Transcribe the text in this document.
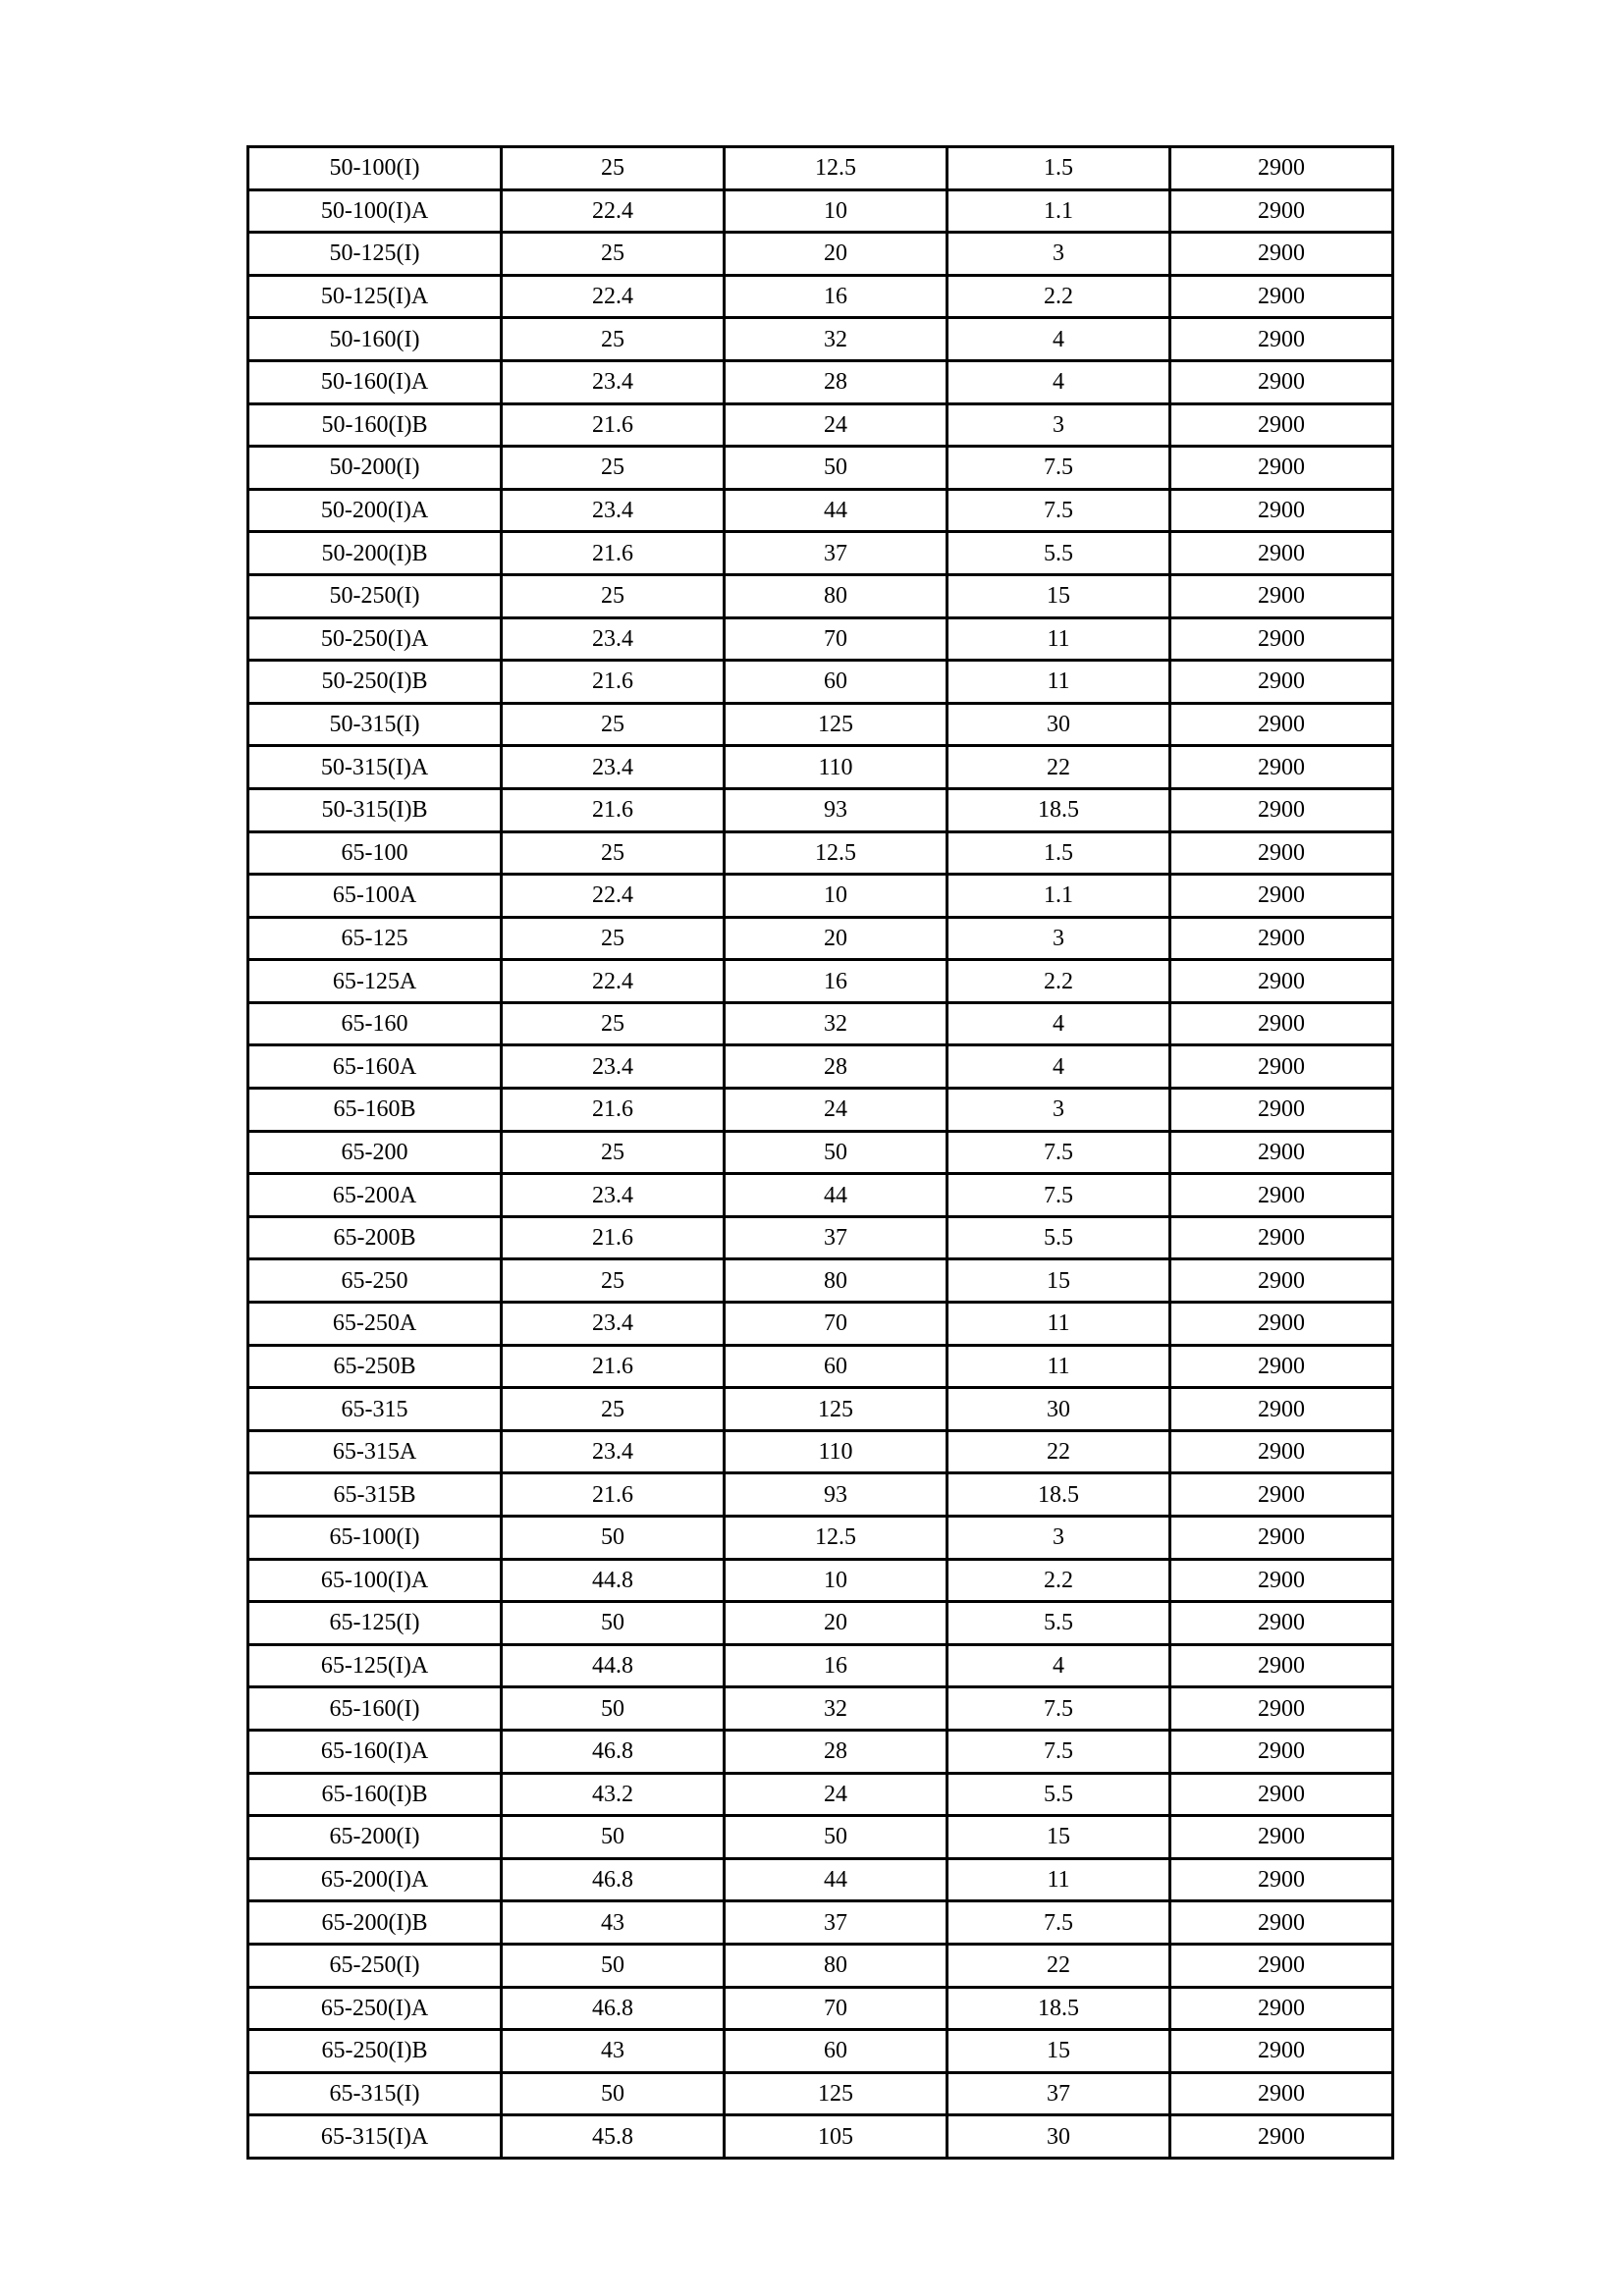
50-100(I)	25	12.5	1.5	2900
50-100(I)A	22.4	10	1.1	2900
50-125(I)	25	20	3	2900
50-125(I)A	22.4	16	2.2	2900
50-160(I)	25	32	4	2900
50-160(I)A	23.4	28	4	2900
50-160(I)B	21.6	24	3	2900
50-200(I)	25	50	7.5	2900
50-200(I)A	23.4	44	7.5	2900
50-200(I)B	21.6	37	5.5	2900
50-250(I)	25	80	15	2900
50-250(I)A	23.4	70	11	2900
50-250(I)B	21.6	60	11	2900
50-315(I)	25	125	30	2900
50-315(I)A	23.4	110	22	2900
50-315(I)B	21.6	93	18.5	2900
65-100	25	12.5	1.5	2900
65-100A	22.4	10	1.1	2900
65-125	25	20	3	2900
65-125A	22.4	16	2.2	2900
65-160	25	32	4	2900
65-160A	23.4	28	4	2900
65-160B	21.6	24	3	2900
65-200	25	50	7.5	2900
65-200A	23.4	44	7.5	2900
65-200B	21.6	37	5.5	2900
65-250	25	80	15	2900
65-250A	23.4	70	11	2900
65-250B	21.6	60	11	2900
65-315	25	125	30	2900
65-315A	23.4	110	22	2900
65-315B	21.6	93	18.5	2900
65-100(I)	50	12.5	3	2900
65-100(I)A	44.8	10	2.2	2900
65-125(I)	50	20	5.5	2900
65-125(I)A	44.8	16	4	2900
65-160(I)	50	32	7.5	2900
65-160(I)A	46.8	28	7.5	2900
65-160(I)B	43.2	24	5.5	2900
65-200(I)	50	50	15	2900
65-200(I)A	46.8	44	11	2900
65-200(I)B	43	37	7.5	2900
65-250(I)	50	80	22	2900
65-250(I)A	46.8	70	18.5	2900
65-250(I)B	43	60	15	2900
65-315(I)	50	125	37	2900
65-315(I)A	45.8	105	30	2900
